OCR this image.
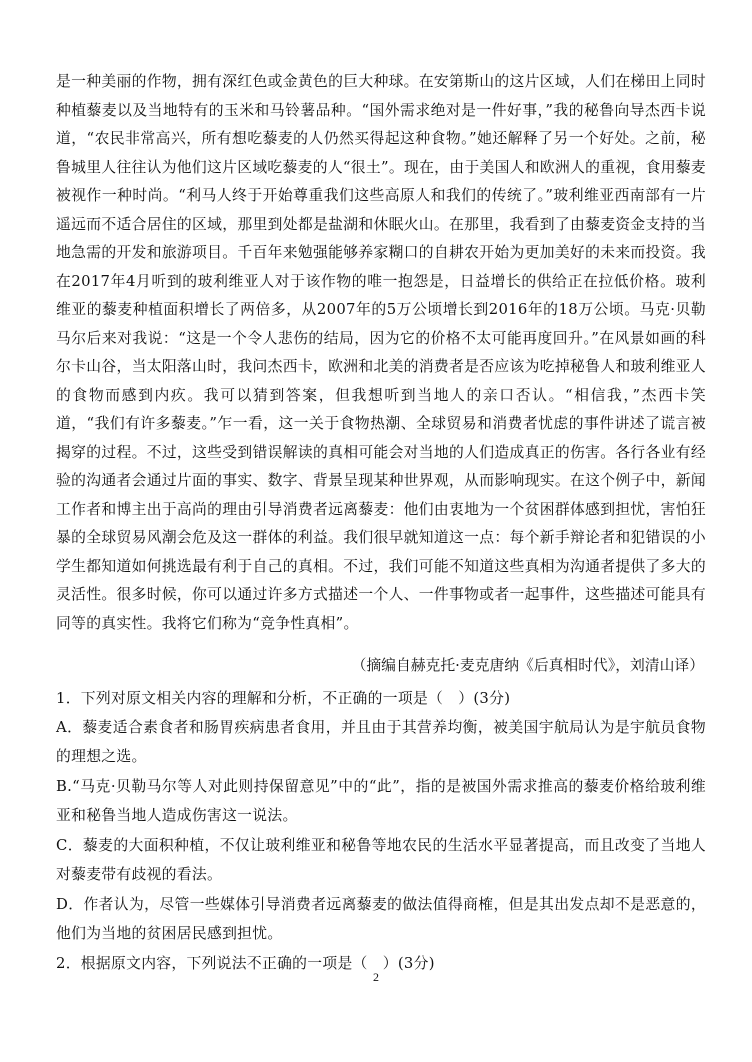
是一种美丽的作物，拥有深红色或金黄色的巨大种球。在安第斯山的这片区域，人们在梯田上同时种植藜麦以及当地特有的玉米和马铃薯品种。“国外需求绝对是一件好事，”我的秘鲁向导杰西卡说道，“农民非常高兴，所有想吃藜麦的人仍然买得起这种食物。”她还解释了另一个好处。之前，秘鲁城里人往往认为他们这片区域吃藜麦的人“很土”。现在，由于美国人和欧洲人的重视，食用藜麦被视作一种时尚。“利马人终于开始尊重我们这些高原人和我们的传统了。”玻利维亚西南部有一片遥远而不适合居住的区域，那里到处都是盐湖和休眠火山。在那里，我看到了由藜麦资金支持的当地急需的开发和旅游项目。千百年来勉强能够养家糊口的自耕农开始为更加美好的未来而投资。我在2017年4月听到的玻利维亚人对于该作物的唯一抱怨是，日益增长的供给正在拉低价格。玻利维亚的藜麦种植面积增长了两倍多，从2007年的5万公顷增长到2016年的18万公顷。马克·贝勒马尔后来对我说：“这是一个令人悲伤的结局，因为它的价格不太可能再度回升。”在风景如画的科尔卡山谷，当太阳落山时，我问杰西卡，欧洲和北美的消费者是否应该为吃掉秘鲁人和玻利维亚人的食物而感到内疚。我可以猜到答案，但我想听到当地人的亲口否认。“相信我，”杰西卡笑道，“我们有许多藜麦。”乍一看，这一关于食物热潮、全球贸易和消费者忧虑的事件讲述了谎言被揭穿的过程。不过，这些受到错误解读的真相可能会对当地的人们造成真正的伤害。各行各业有经验的沟通者会通过片面的事实、数字、背景呈现某种世界观，从而影响现实。在这个例子中，新闻工作者和博主出于高尚的理由引导消费者远离藜麦：他们由衷地为一个贫困群体感到担忧，害怕狂暴的全球贸易风潮会危及这一群体的利益。我们很早就知道这一点：每个新手辩论者和犯错误的小学生都知道如何挑选最有利于自己的真相。不过，我们可能不知道这些真相为沟通者提供了多大的灵活性。很多时候，你可以通过许多方式描述一个人、一件事物或者一起事件，这些描述可能具有同等的真实性。我将它们称为“竞争性真相”。

（摘编自赫克托·麦克唐纳《后真相时代》，刘清山译）

1．下列对原文相关内容的理解和分析，不正确的一项是（　）(3分)

A．藜麦适合素食者和肠胃疾病患者食用，并且由于其营养均衡，被美国宇航局认为是宇航员食物的理想之选。

B.“马克·贝勒马尔等人对此则持保留意见”中的“此”，指的是被国外需求推高的藜麦价格给玻利维亚和秘鲁当地人造成伤害这一说法。

C．藜麦的大面积种植，不仅让玻利维亚和秘鲁等地农民的生活水平显著提高，而且改变了当地人对藜麦带有歧视的看法。

D．作者认为，尽管一些媒体引导消费者远离藜麦的做法值得商榷，但是其出发点却不是恶意的，他们为当地的贫困居民感到担忧。

2．根据原文内容，下列说法不正确的一项是（　）(3分)

2
